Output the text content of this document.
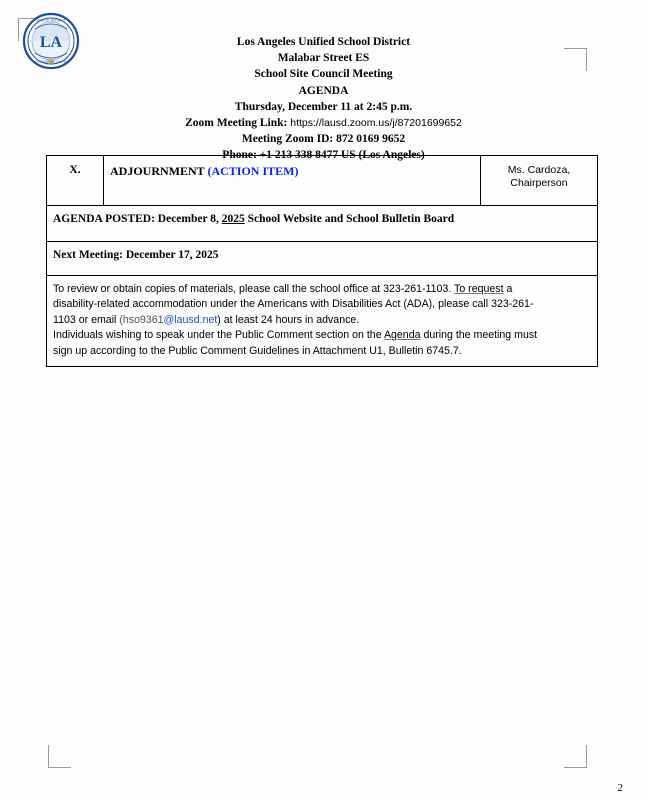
LA
LOS ANGELES UNIFIED
SCHOOL DISTRICT
Los Angeles Unified School District
Malabar Street ES
School Site Council Meeting
AGENDA
Thursday, December 11 at 2:45 p.m.
Zoom Meeting Link: https://lausd.zoom.us/j/87201699652
Meeting Zoom ID: 872 0169 9652
Phone: +1 213 338 8477 US (Los Angeles)
X.	ADJOURNMENT (ACTION ITEM)	Ms. Cardoza,
Chairperson

AGENDA POSTED: December 8, 2025 School Website and School Bulletin Board
Next Meeting: December 17, 2025

To review or obtain copies of materials, please call the school office at 323-261-1103. To request a

disability-related accommodation under the Americans with Disabilities Act (ADA), please call 323-261-

1103 or email (hso9361@lausd.net) at least 24 hours in advance.

Individuals wishing to speak under the Public Comment section on the Agenda during the meeting must

sign up according to the Public Comment Guidelines in Attachment U1, Bulletin 6745.7.

2
